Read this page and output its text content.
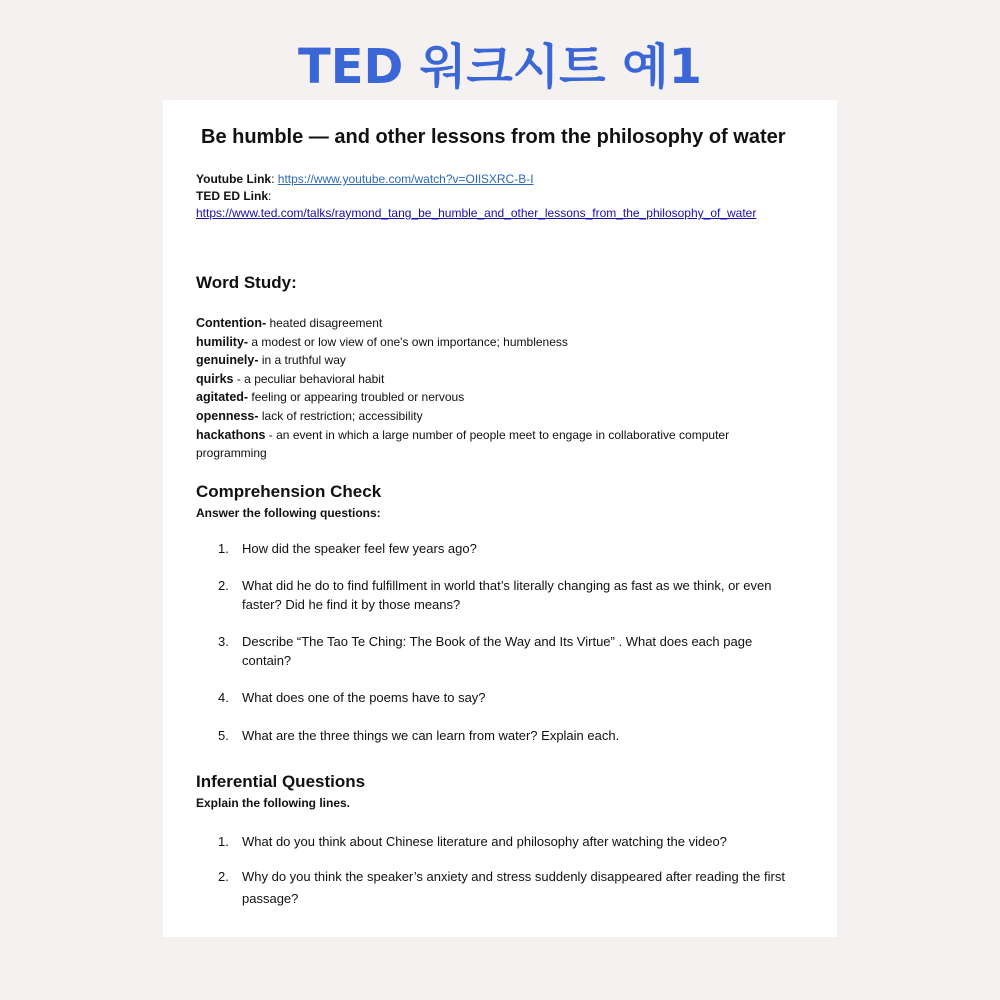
TED 워크시트 예1
Be humble — and other lessons from the philosophy of water
Youtube Link: https://www.youtube.com/watch?v=OIlSXRC-B-I
TED ED Link:
https://www.ted.com/talks/raymond_tang_be_humble_and_other_lessons_from_the_philosophy_of_water
Word Study:
Contention- heated disagreement
humility- a modest or low view of one's own importance; humbleness
genuinely- in a truthful way
quirks - a peculiar behavioral habit
agitated- feeling or appearing troubled or nervous
openness- lack of restriction; accessibility
hackathons - an event in which a large number of people meet to engage in collaborative computer programming
Comprehension Check
Answer the following questions:
1.	How did the speaker feel few years ago?
2.	What did he do to find fulfillment in world that’s literally changing as fast as we think, or even faster? Did he find it by those means?
3.	Describe “The Tao Te Ching: The Book of the Way and Its Virtue” . What does each page contain?
4.	What does one of the poems have to say?
5.	What are the three things we can learn from water? Explain each.
Inferential Questions
Explain the following lines.
1.	What do you think about Chinese literature and philosophy after watching the video?
2.	Why do you think the speaker’s anxiety and stress suddenly disappeared after reading the first passage?
